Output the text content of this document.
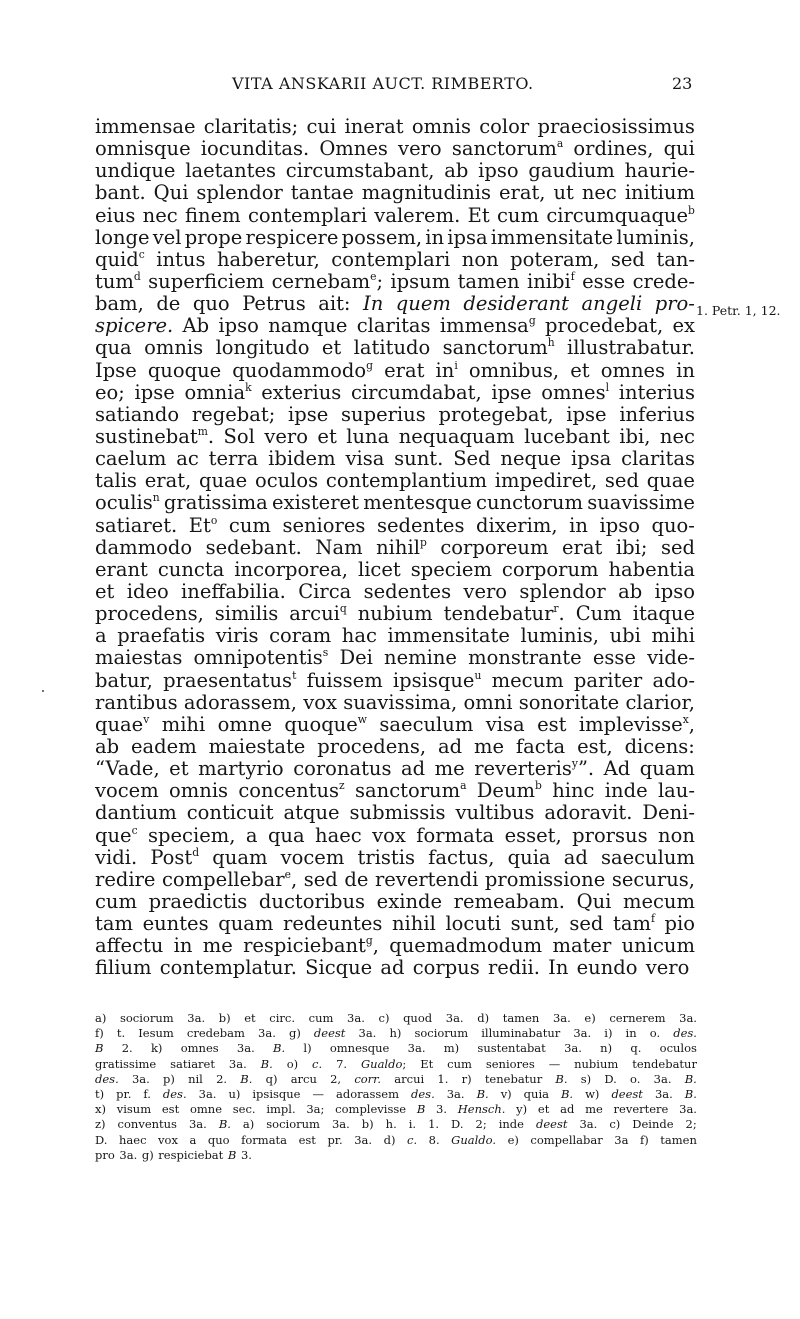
VITA ANSKARII AUCT. RIMBERTO.	23
immensae claritatis; cui inerat omnis color praeciosissimus
omnisque iocunditas. Omnes vero sanctorum$^a$ ordines, qui
undique laetantes circumstabant, ab ipso gaudium haurie-
bant. Qui splendor tantae magnitudinis erat, ut nec initium
eius nec finem contemplari valerem. Et cum circumquaque$^b$
longe vel prope respicere possem, in ipsa immensitate luminis,
quid$^c$ intus haberetur, contemplari non poteram, sed tan-
tum$^d$ superficiem cernebam$^e$; ipsum tamen inibi$^f$ esse crede-
bam, de quo Petrus ait: In quem desiderant angeli pro-
spicere. Ab ipso namque claritas immensa$^g$ procedebat, ex
qua omnis longitudo et latitudo sanctorum$^h$ illustrabatur.
Ipse quoque quodammodo$^g$ erat $in^i$ omnibus, et omnes in
eo; ipse omnia$^k$ exterius circumdabat, ipse omnes$^l$ interius
satiando regebat; ipse superius protegebat, ipse inferius
sustinebat$^m$. Sol vero et luna nequaquam lucebant ibi, nec
caelum ac terra ibidem visa sunt. Sed neque ipsa claritas
talis erat, quae oculos contemplantium impediret, sed quae
oculis$^n$ gratissima existeret mentesque cunctorum suavissime
satiaret. Et$^o$ cum seniores sedentes dixerim, in ipso quo-
dammodo sedebant. Nam nihil$^p$ corporeum erat ibi; sed
erant cuncta incorporea, licet speciem corporum habentia
et ideo ineffabilia. Circa sedentes vero splendor ab ipso
procedens, similis arcui$^q$ nubium tendebatur$^r$. Cum itaque
a praefatis viris coram hac immensitate luminis, ubi mihi
maiestas omnipotentis$^s$ Dei nemine monstrante esse vide-
batur, praesentatus$^t$ fuissem ipsisque$^u$ mecum pariter ado-
rantibus adorassem, vox suavissima, omni sonoritate clarior,
quae$^v$ mihi omne quoque$^w$ saeculum visa est implevisse$^x$,
ab eadem maiestate procedens, ad me facta est, dicens:
“Vade, et martyrio coronatus ad me reverteris$^y$”. Ad quam
vocem omnis concentus$^z$ sanctorum$^a$ Deum$^b$ hinc inde lau-
dantium conticuit atque submissis vultibus adoravit. Deni-
que$^c$ speciem, a qua haec vox formata esset, prorsus non
vidi. Post$^d$ quam vocem tristis factus, quia ad saeculum
redire compellebar$^e$, sed de revertendi promissione securus,
cum praedictis ductoribus exinde remeabam. Qui mecum
tam euntes quam redeuntes nihil locuti sunt, sed tam$^f$ pio
affectu in me respiciebant$^g$, quemadmodum mater unicum
filium contemplatur. Sicque ad corpus redii. In eundo vero
1. Petr. 1, 12.
a) sociorum 3a. b) et circ. cum 3a. c) quod 3a. d) tamen 3a. e) cernerem 3a.
f) t. Iesum credebam 3a. g) deest 3a. h) sociorum illuminabatur 3a. i) in o. des.
B 2. k) omnes 3a. B. l) omnesque 3a. m) sustentabat 3a. n) q. oculos
gratissime satiaret 3a. B. o) c. 7. Gualdo; Et cum seniores — nubium tendebatur
des. 3a. p) nil 2. B. q) arcu 2, corr. arcui 1. r) tenebatur B. s) D. o. 3a. B.
t) pr. f. des. 3a. u) ipsisque — adorassem des. 3a. B. v) quia B. w) deest 3a. B.
x) visum est omne sec. impl. 3a; complevisse B 3. Hensch. y) et ad me revertere 3a.
z) conventus 3a. B. a) sociorum 3a. b) h. i. 1. D. 2; inde deest 3a. c) Deinde 2;
D. haec vox a quo formata est pr. 3a. d) c. 8. Gualdo. e) compellabar 3a f) tamen
pro 3a. g) respiciebat B 3.
